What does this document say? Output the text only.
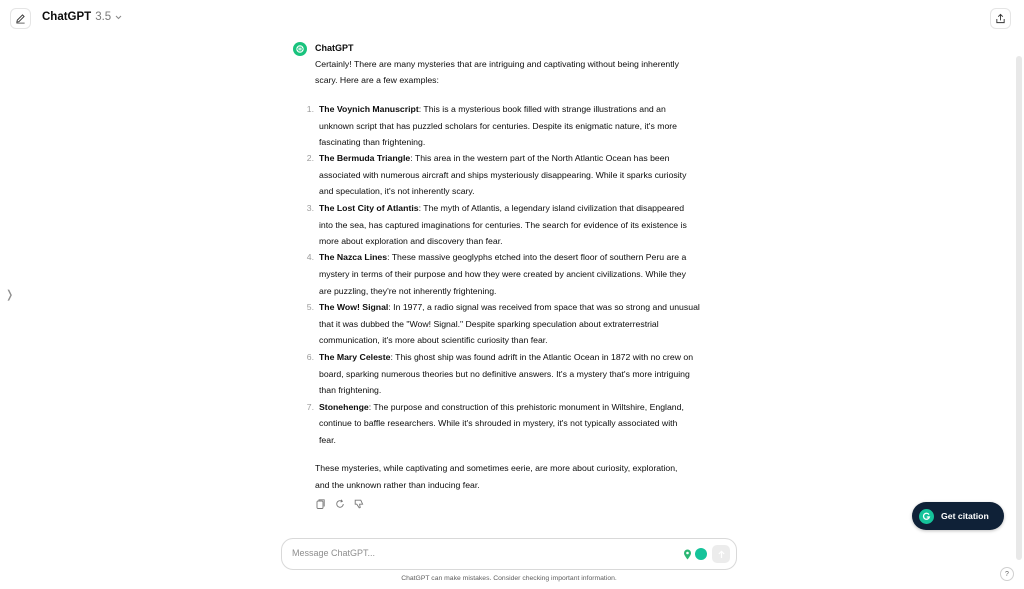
ChatGPT 3.5
❭
ChatGPT
Certainly! There are many mysteries that are intriguing and captivating without being inherently
scary. Here are a few examples:
1. The Voynich Manuscript: This is a mysterious book filled with strange illustrations and an
unknown script that has puzzled scholars for centuries. Despite its enigmatic nature, it's more
fascinating than frightening.
2. The Bermuda Triangle: This area in the western part of the North Atlantic Ocean has been
associated with numerous aircraft and ships mysteriously disappearing. While it sparks curiosity
and speculation, it's not inherently scary.
3. The Lost City of Atlantis: The myth of Atlantis, a legendary island civilization that disappeared
into the sea, has captured imaginations for centuries. The search for evidence of its existence is
more about exploration and discovery than fear.
4. The Nazca Lines: These massive geoglyphs etched into the desert floor of southern Peru are a
mystery in terms of their purpose and how they were created by ancient civilizations. While they
are puzzling, they're not inherently frightening.
5. The Wow! Signal: In 1977, a radio signal was received from space that was so strong and unusual
that it was dubbed the "Wow! Signal." Despite sparking speculation about extraterrestrial
communication, it's more about scientific curiosity than fear.
6. The Mary Celeste: This ghost ship was found adrift in the Atlantic Ocean in 1872 with no crew on
board, sparking numerous theories but no definitive answers. It's a mystery that's more intriguing
than frightening.
7. Stonehenge: The purpose and construction of this prehistoric monument in Wiltshire, England,
continue to baffle researchers. While it's shrouded in mystery, it's not typically associated with
fear.
These mysteries, while captivating and sometimes eerie, are more about curiosity, exploration,
and the unknown rather than inducing fear.
Message ChatGPT...
ChatGPT can make mistakes. Consider checking important information.
Get citation
?
